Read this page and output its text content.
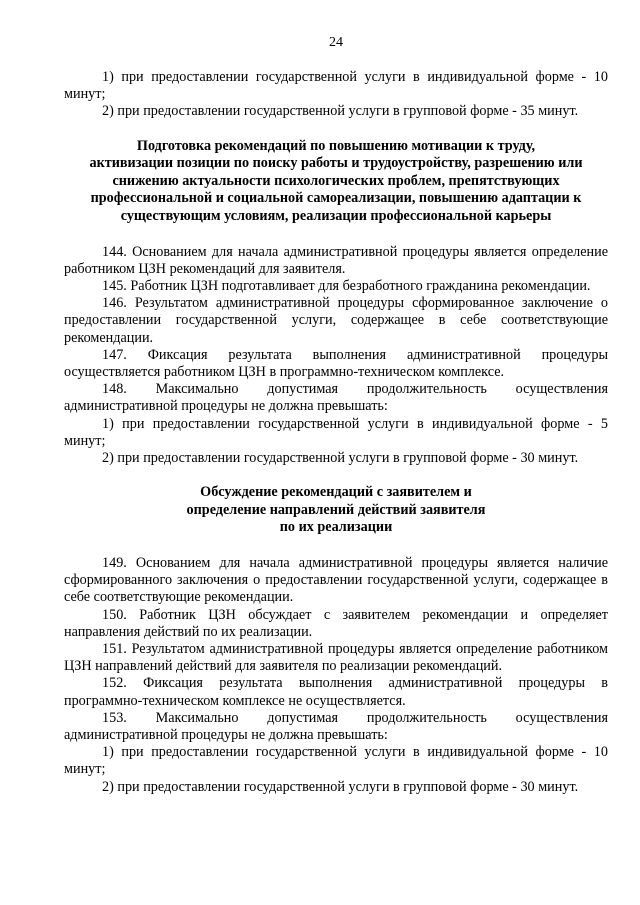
24

1) при предоставлении государственной услуги в индивидуальной форме - 10 минут;

2) при предоставлении государственной услуги в групповой форме - 35 минут.

Подготовка рекомендаций по повышению мотивации к труду,
активизации позиции по поиску работы и трудоустройству, разрешению или
снижению актуальности психологических проблем, препятствующих
профессиональной и социальной самореализации, повышению адаптации к
существующим условиям, реализации профессиональной карьеры

144. Основанием для начала административной процедуры является определение работником ЦЗН рекомендаций для заявителя.

145. Работник ЦЗН подготавливает для безработного гражданина рекомендации.

146. Результатом административной процедуры сформированное заключение о предоставлении государственной услуги, содержащее в себе соответствующие рекомендации.

147. Фиксация результата выполнения административной процедуры осуществляется работником ЦЗН в программно-техническом комплексе.

148. Максимально допустимая продолжительность осуществления административной процедуры не должна превышать:

1) при предоставлении государственной услуги в индивидуальной форме - 5 минут;

2) при предоставлении государственной услуги в групповой форме - 30 минут.

Обсуждение рекомендаций с заявителем и
определение направлений действий заявителя
по их реализации

149. Основанием для начала административной процедуры является наличие сформированного заключения о предоставлении государственной услуги, содержащее в себе соответствующие рекомендации.

150. Работник ЦЗН обсуждает с заявителем рекомендации и определяет направления действий по их реализации.

151. Результатом административной процедуры является определение работником ЦЗН направлений действий для заявителя по реализации рекомендаций.

152. Фиксация результата выполнения административной процедуры в программно-техническом комплексе не осуществляется.

153. Максимально допустимая продолжительность осуществления административной процедуры не должна превышать:

1) при предоставлении государственной услуги в индивидуальной форме - 10 минут;

2) при предоставлении государственной услуги в групповой форме - 30 минут.
